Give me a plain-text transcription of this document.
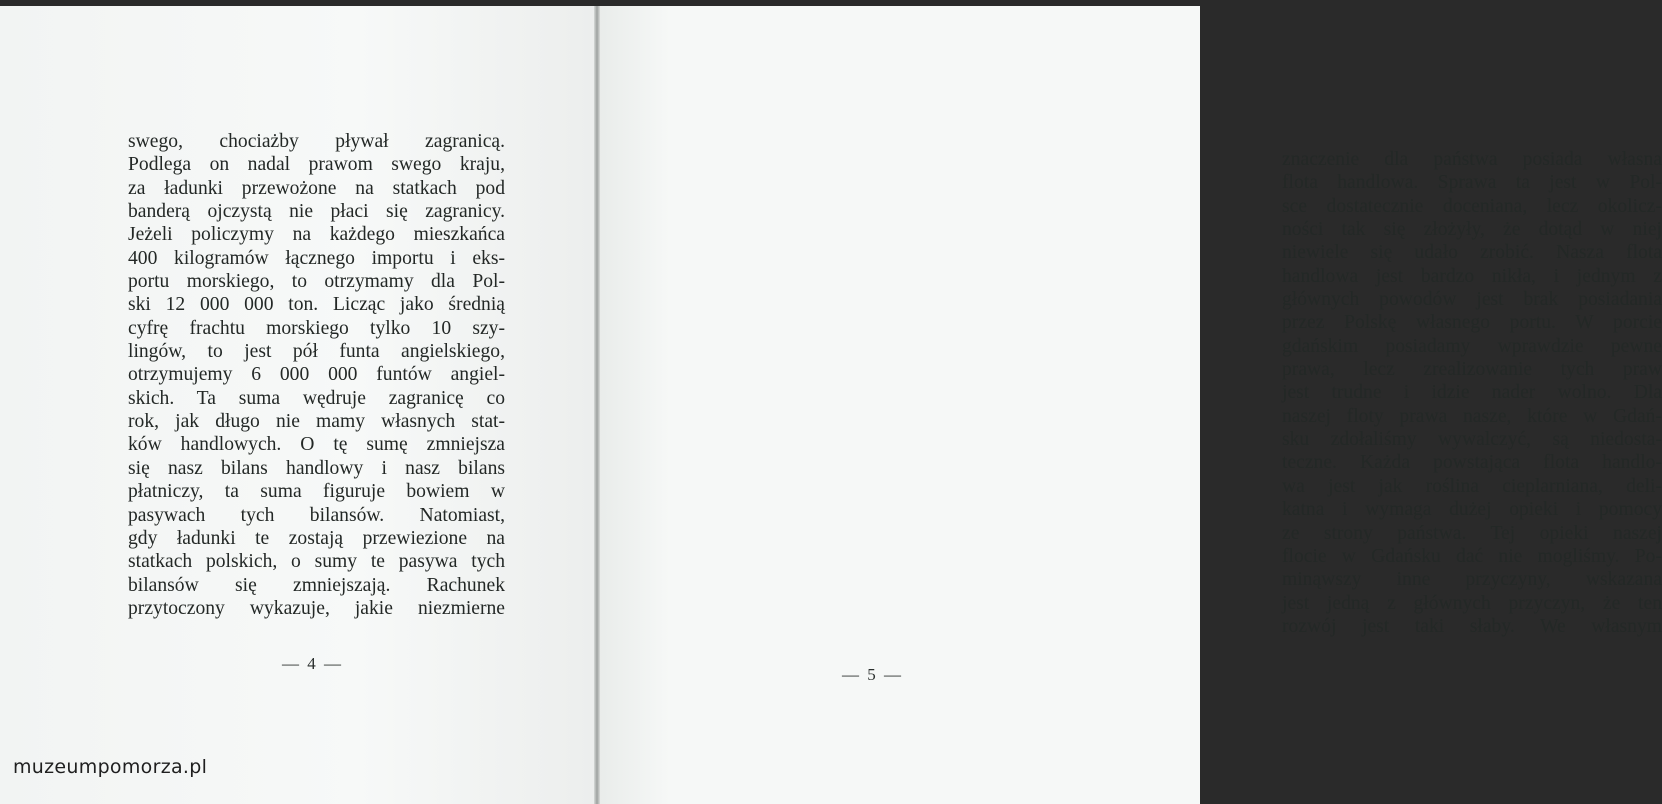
swego, chociażby pływał zagranicą.
Podlega on nadal prawom swego kraju,
za ładunki przewożone na statkach pod
banderą ojczystą nie płaci się zagranicy.
Jeżeli policzymy na każdego mieszkańca
400 kilogramów łącznego importu i eks-
portu morskiego, to otrzymamy dla Pol-
ski 12 000 000 ton. Licząc jako średnią
cyfrę frachtu morskiego tylko 10 szy-
lingów, to jest pół funta angielskiego,
otrzymujemy 6 000 000 funtów angiel-
skich. Ta suma wędruje zagranicę co
rok, jak długo nie mamy własnych stat-
ków handlowych. O tę sumę zmniejsza
się nasz bilans handlowy i nasz bilans
płatniczy, ta suma figuruje bowiem w
pasywach tych bilansów. Natomiast,
gdy ładunki te zostają przewiezione na
statkach polskich, o sumy te pasywa tych
bilansów się zmniejszają. Rachunek
przytoczony wykazuje, jakie niezmierne
— 4 —
znaczenie dla państwa posiada własna
flota handlowa. Sprawa ta jest w Pol-
sce dostatecznie doceniana, lecz okolicz-
ności tak się złożyły, że dotąd w niej
niewiele się udało zrobić. Nasza flota
handlowa jest bardzo nikła, i jednym z
głównych powodów jest brak posiadania
przez Polskę własnego portu. W porcie
gdańskim posiadamy wprawdzie pewne
prawa, lecz zrealizowanie tych praw
jest trudne i idzie nader wolno. Dla
naszej floty prawa nasze, które w Gdań-
sku zdołaliśmy wywalczyć, są niedosta-
teczne. Każda powstająca flota handlo-
wa jest jak roślina cieplarniana, deli-
katna i wymaga dużej opieki i pomocy
ze strony państwa. Tej opieki naszej
flocie w Gdańsku dać nie mogliśmy. Po-
minąwszy inne przyczyny, wskazana
jest jedną z głównych przyczyn, że ten
rozwój jest taki słaby. We własnym
— 5 —
muzeumpomorza.pl
